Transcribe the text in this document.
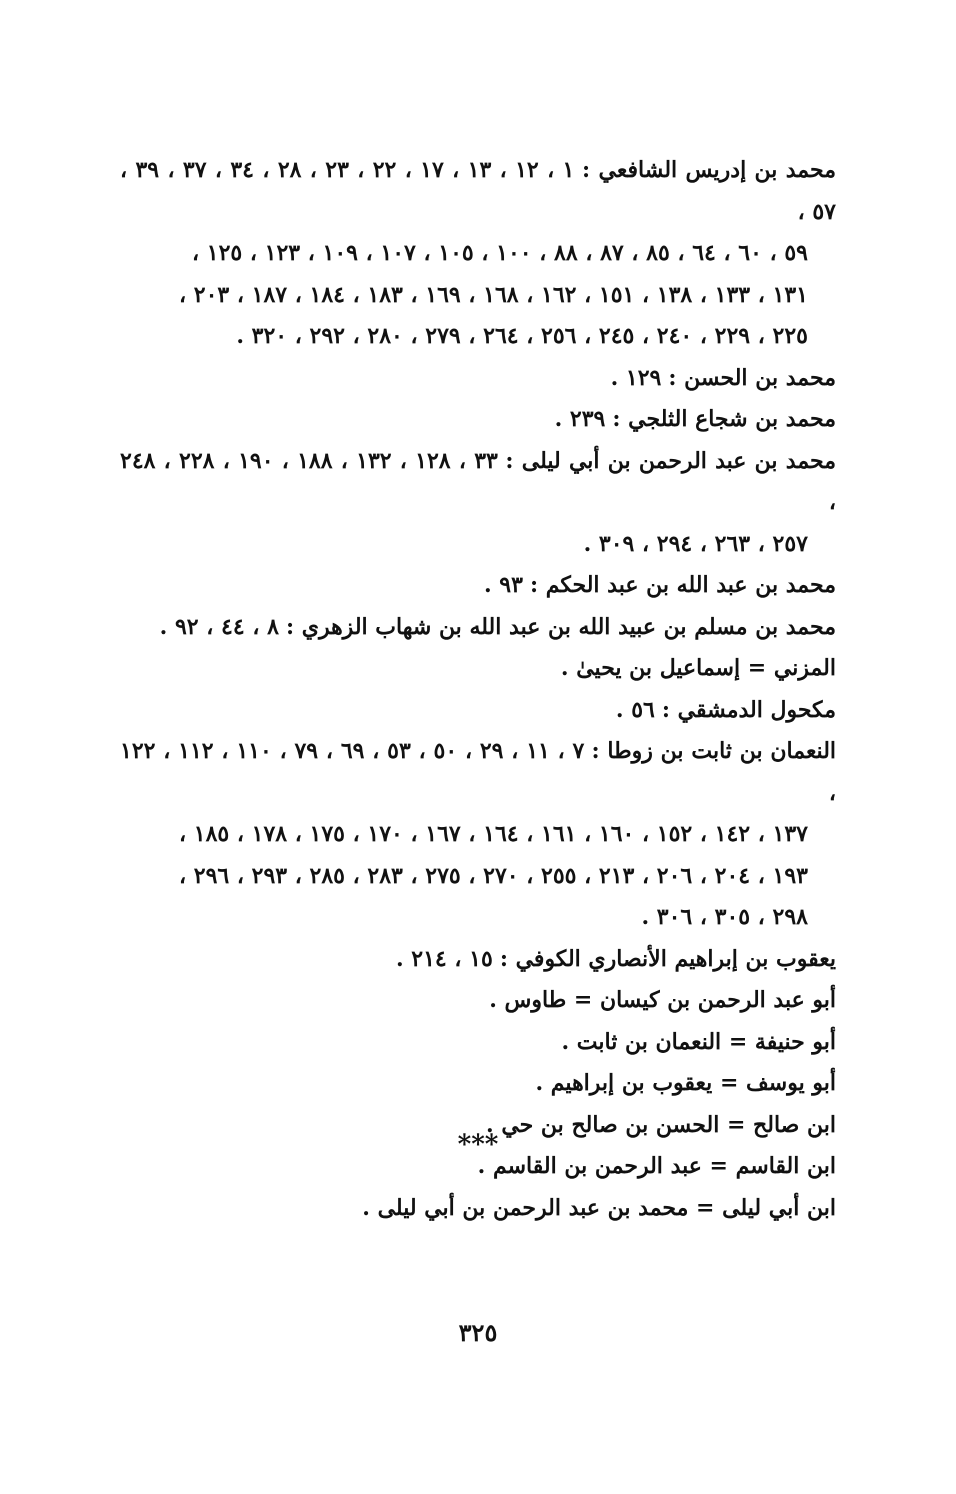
محمد بن إدريس الشافعي : ١ ، ١٢ ، ١٣ ، ١٧ ، ٢٢ ، ٢٣ ، ٢٨ ، ٣٤ ، ٣٧ ، ٣٩ ، ٥٧ ،
٥٩ ، ٦٠ ، ٦٤ ، ٨٥ ، ٨٧ ، ٨٨ ، ١٠٠ ، ١٠٥ ، ١٠٧ ، ١٠٩ ، ١٢٣ ، ١٢٥ ،
١٣١ ، ١٣٣ ، ١٣٨ ، ١٥١ ، ١٦٢ ، ١٦٨ ، ١٦٩ ، ١٨٣ ، ١٨٤ ، ١٨٧ ، ٢٠٣ ،
٢٢٥ ، ٢٢٩ ، ٢٤٠ ، ٢٤٥ ، ٢٥٦ ، ٢٦٤ ، ٢٧٩ ، ٢٨٠ ، ٢٩٢ ، ٣٢٠ .
محمد بن الحسن : ١٢٩ .
محمد بن شجاع الثلجي : ٢٣٩ .
محمد بن عبد الرحمن بن أبي ليلى : ٣٣ ، ١٢٨ ، ١٣٢ ، ١٨٨ ، ١٩٠ ، ٢٢٨ ، ٢٤٨ ،
٢٥٧ ، ٢٦٣ ، ٢٩٤ ، ٣٠٩ .
محمد بن عبد الله بن عبد الحكم : ٩٣ .
محمد بن مسلم بن عبيد الله بن عبد الله بن شهاب الزهري : ٨ ، ٤٤ ، ٩٢ .
المزني = إسماعيل بن يحيىٰ .
مكحول الدمشقي : ٥٦ .
النعمان بن ثابت بن زوطا : ٧ ، ١١ ، ٢٩ ، ٥٠ ، ٥٣ ، ٦٩ ، ٧٩ ، ١١٠ ، ١١٢ ، ١٢٢ ،
١٣٧ ، ١٤٢ ، ١٥٢ ، ١٦٠ ، ١٦١ ، ١٦٤ ، ١٦٧ ، ١٧٠ ، ١٧٥ ، ١٧٨ ، ١٨٥ ،
١٩٣ ، ٢٠٤ ، ٢٠٦ ، ٢١٣ ، ٢٥٥ ، ٢٧٠ ، ٢٧٥ ، ٢٨٣ ، ٢٨٥ ، ٢٩٣ ، ٢٩٦ ،
٢٩٨ ، ٣٠٥ ، ٣٠٦ .
يعقوب بن إبراهيم الأنصاري الكوفي : ١٥ ، ٢١٤ .
أبو عبد الرحمن بن كيسان = طاوس .
أبو حنيفة = النعمان بن ثابت .
أبو يوسف = يعقوب بن إبراهيم .
ابن صالح = الحسن بن صالح بن حي .
ابن القاسم = عبد الرحمن بن القاسم .
ابن أبي ليلى = محمد بن عبد الرحمن بن أبي ليلى .
***
٣٢٥
